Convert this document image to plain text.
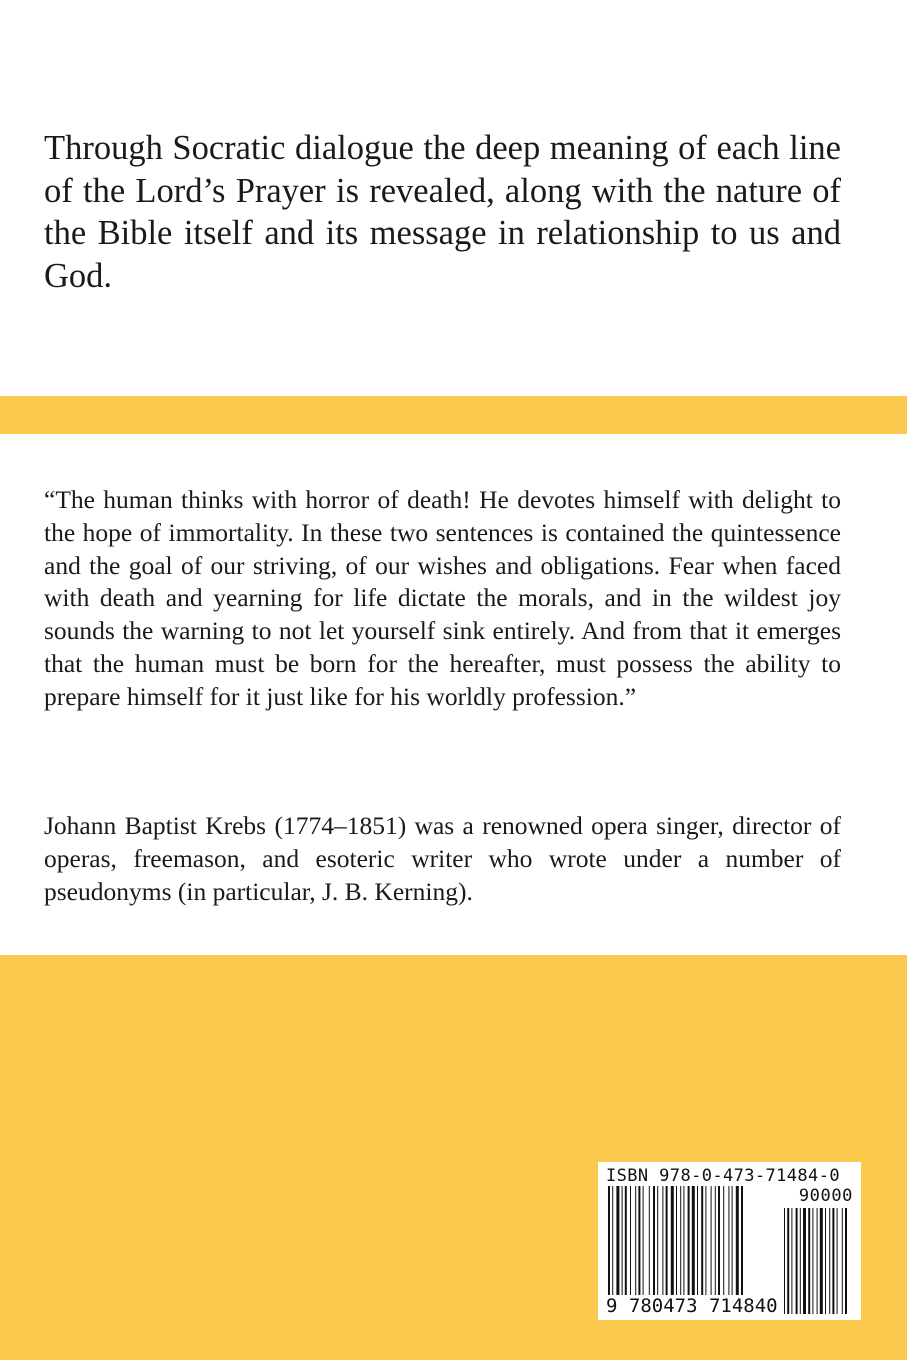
Through Socratic dialogue the deep meaning of each line of the Lord’s Prayer is revealed, along with the nature of the Bible itself and its message in relationship to us and God.

“The human thinks with horror of death! He devotes himself with delight to the hope of immortality. In these two sentences is contained the quintessence and the goal of our striving, of our wishes and obligations. Fear when faced with death and yearning for life dictate the morals, and in the wildest joy sounds the warning to not let yourself sink entirely. And from that it emerges that the human must be born for the hereafter, must possess the ability to prepare himself for it just like for his worldly profession.”

Johann Baptist Krebs (1774–1851) was a renowned opera singer, director of operas, freemason, and esoteric writer who wrote under a number of pseudonyms (in particular, J. B. Kerning).

ISBN 978-0-473-71484-0
90000
9 780473 714840
